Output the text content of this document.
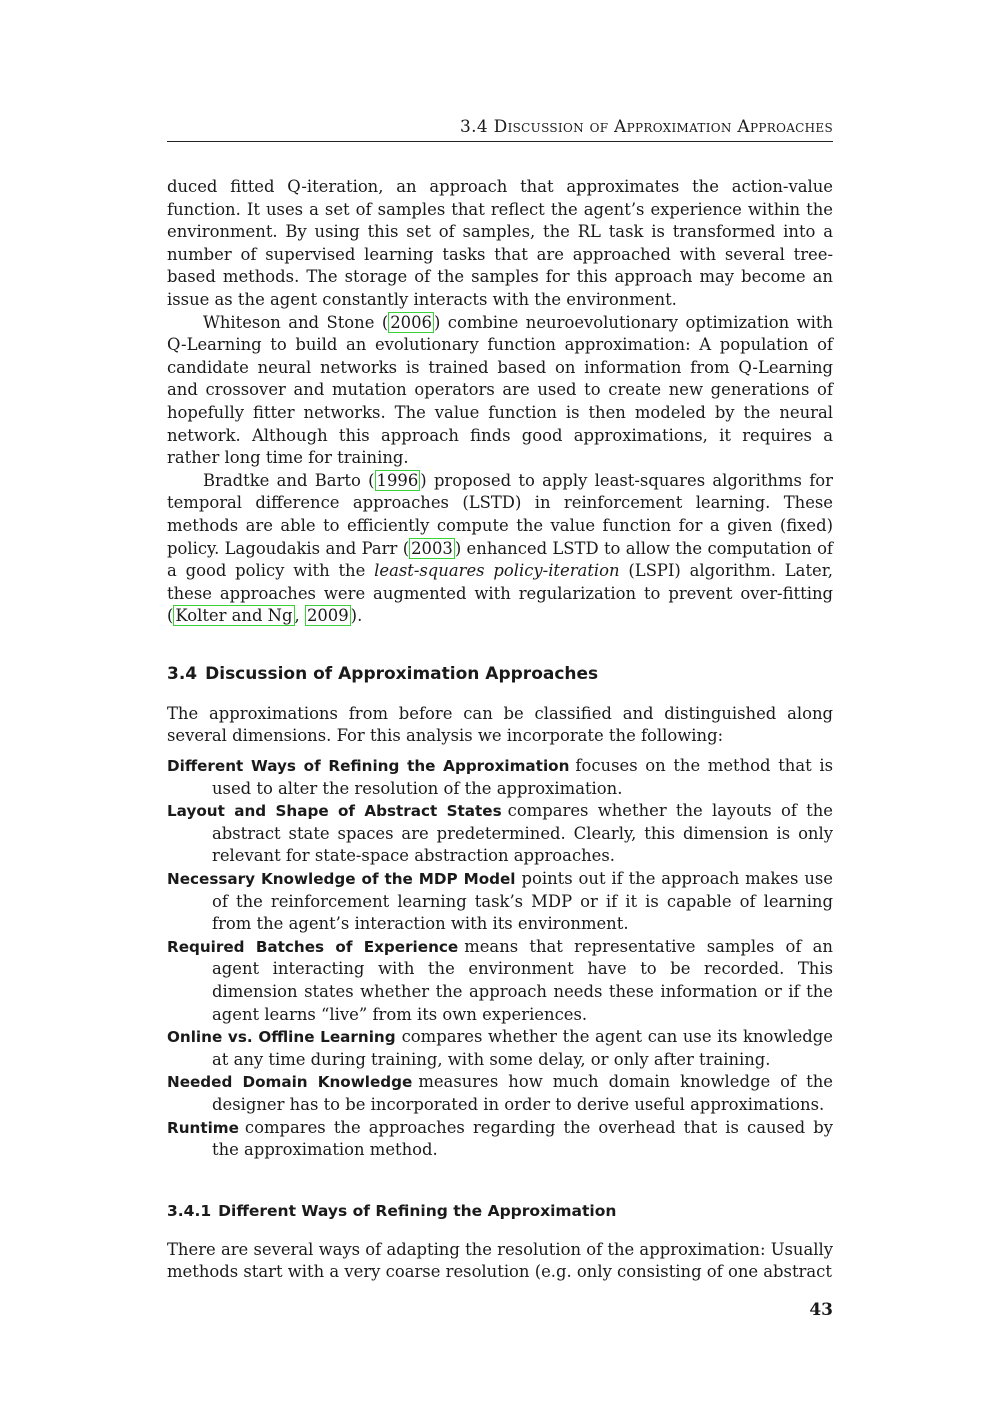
3.4 Discussion of Approximation Approaches

duced fitted Q-iteration, an approach that approximates the action-value function. It uses a set of samples that reflect the agent’s experience within the environment. By using this set of samples, the RL task is transformed into a number of supervised learning tasks that are approached with several tree-based methods. The storage of the samples for this approach may become an issue as the agent constantly interacts with the environment.

Whiteson and Stone ( 2006 ) combine neuroevolutionary optimization with Q-Learning to build an evolutionary function approximation: A population of candidate neural networks is trained based on information from Q-Learning and crossover and mutation operators are used to create new generations of hopefully fitter networks. The value function is then modeled by the neural network. Although this approach finds good approximations, it requires a rather long time for training.

Bradtke and Barto ( 1996 ) proposed to apply least-squares algorithms for temporal difference approaches (LSTD) in reinforcement learning. These methods are able to efficiently compute the value function for a given (fixed) policy. Lagoudakis and Parr ( 2003 ) enhanced LSTD to allow the computation of a good policy with the least-squares policy-iteration (LSPI) algorithm. Later, these approaches were augmented with regularization to prevent over-fitting ( Kolter and Ng , 2009 ).

3.4 Discussion of Approximation Approaches

The approximations from before can be classified and distinguished along several dimensions. For this analysis we incorporate the following:

Different Ways of Refining the Approximation focuses on the method that is used to alter the resolution of the approximation.
Layout and Shape of Abstract States compares whether the layouts of the abstract state spaces are predetermined. Clearly, this dimension is only relevant for state-space abstraction approaches.
Necessary Knowledge of the MDP Model points out if the approach makes use of the reinforcement learning task’s MDP or if it is capable of learning from the agent’s interaction with its environment.
Required Batches of Experience means that representative samples of an agent interacting with the environment have to be recorded. This dimension states whether the approach needs these information or if the agent learns “live” from its own experiences.
Online vs. Offline Learning compares whether the agent can use its knowledge at any time during training, with some delay, or only after training.
Needed Domain Knowledge measures how much domain knowledge of the designer has to be incorporated in order to derive useful approximations.
Runtime compares the approaches regarding the overhead that is caused by the approximation method.
3.4.1 Different Ways of Refining the Approximation

There are several ways of adapting the resolution of the approximation: Usually methods start with a very coarse resolution (e.g. only consisting of one abstract

43
